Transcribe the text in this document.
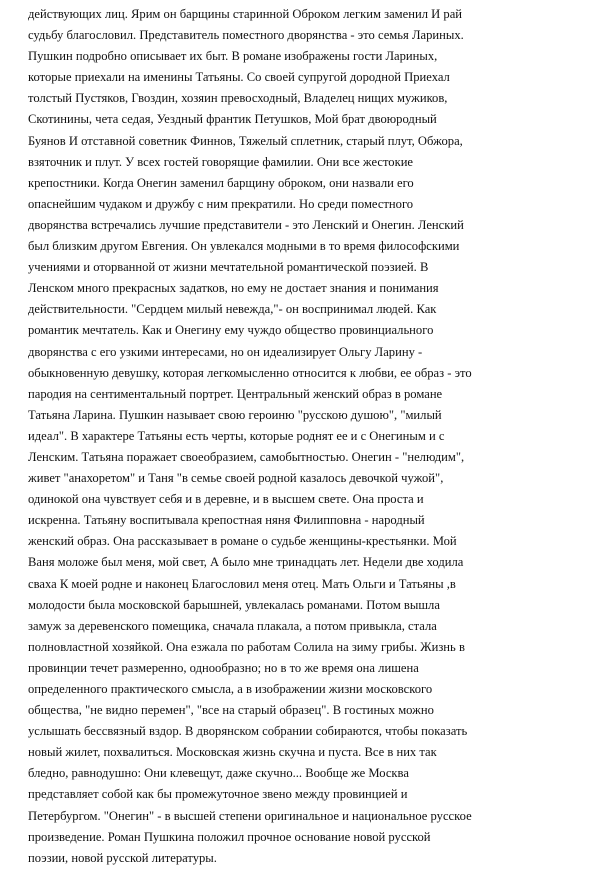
действующих лиц. Ярим он барщины старинной Оброком легким заменил И рай
судьбу благословил. Представитель поместного дворянства - это семья Лариных.
Пушкин подробно описывает их быт. В романе изображены гости Лариных,
которые приехали на именины Татьяны. Со своей супругой дородной Приехал
толстый Пустяков, Гвоздин, хозяин превосходный, Владелец нищих мужиков,
Скотинины, чета седая, Уездный франтик Петушков, Мой брат двоюродный
Буянов И отставной советник Финнов, Тяжелый сплетник, старый плут, Обжора,
взяточник и плут. У всех гостей говорящие фамилии. Они все жестокие
крепостники. Когда Онегин заменил барщину оброком, они назвали его
опаснейшим чудаком и дружбу с ним прекратили. Но среди поместного
дворянства встречались лучшие представители - это Ленский и Онегин. Ленский
был близким другом Евгения. Он увлекался модными в то время философскими
учениями и оторванной от жизни мечтательной романтической поэзией. В
Ленском много прекрасных задатков, но ему не достает знания и понимания
действительности. "Сердцем милый невежда,"- он воспринимал людей. Как
романтик мечтатель. Как и Онегину ему чуждо общество провинциального
дворянства с его узкими интересами, но он идеализирует Ольгу Ларину -
обыкновенную девушку, которая легкомысленно относится к любви, ее образ - это
пародия на сентиментальный портрет. Центральный женский образ в романе
Татьяна Ларина. Пушкин называет свою героиню "русскою душою", "милый
идеал". В характере Татьяны есть черты, которые роднят ее и с Онегиным и с
Ленским. Татьяна поражает своеобразием, самобытностью. Онегин - "нелюдим",
живет "анахоретом" и Таня "в семье своей родной казалось девочкой чужой",
одинокой она чувствует себя и в деревне, и в высшем свете. Она проста и
искренна. Татьяну воспитывала крепостная няня Филипповна - народный
женский образ. Она рассказывает в романе о судьбе женщины-крестьянки. Мой
Ваня моложе был меня, мой свет, А было мне тринадцать лет. Недели две ходила
сваха К моей родне и наконец Благословил меня отец. Мать Ольги и Татьяны ,в
молодости была московской барышней, увлекалась романами. Потом вышла
замуж за деревенского помещика, сначала плакала, а потом привыкла, стала
полновластной хозяйкой. Она езжала по работам Солила на зиму грибы. Жизнь в
провинции течет размеренно, однообразно; но в то же время она лишена
определенного практического смысла, а в изображении жизни московского
общества, "не видно перемен", "все на старый образец". В гостиных можно
услышать бессвязный вздор. В дворянском собрании собираются, чтобы показать
новый жилет, похвалиться. Московская жизнь скучна и пуста. Все в них так
бледно, равнодушно: Они клевещут, даже скучно... Вообще же Москва
представляет собой как бы промежуточное звено между провинцией и
Петербургом. "Онегин" - в высшей степени оригинальное и национальное русское
произведение. Роман Пушкина положил прочное основание новой русской
поэзии, новой русской литературы.
